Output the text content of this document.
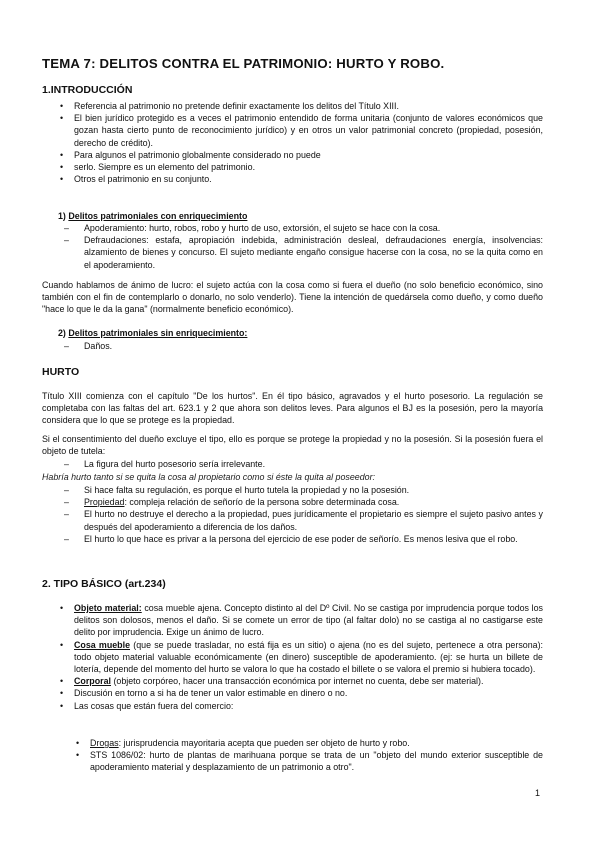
TEMA 7: DELITOS CONTRA EL PATRIMONIO: HURTO Y ROBO.
1.INTRODUCCIÓN
• Referencia al patrimonio no pretende definir exactamente los delitos del Título XIII.
• El bien jurídico protegido es a veces el patrimonio entendido de forma unitaria (conjunto de valores económicos que gozan hasta cierto punto de reconocimiento jurídico) y en otros un valor patrimonial concreto (propiedad, posesión, derecho de crédito).
• Para algunos el patrimonio globalmente considerado no puede
• serlo. Siempre es un elemento del patrimonio.
• Otros el patrimonio en su conjunto.
1) Delitos patrimoniales con enriquecimiento
– Apoderamiento: hurto, robos, robo y hurto de uso, extorsión, el sujeto se hace con la cosa.
– Defraudaciones: estafa, apropiación indebida, administración desleal, defraudaciones energía, insolvencias: alzamiento de bienes y concurso. El sujeto mediante engaño consigue hacerse con la cosa, no se la quita como en el apoderamiento.
Cuando hablamos de ánimo de lucro: el sujeto actúa con la cosa como si fuera el dueño (no solo beneficio económico, sino también con el fin de contemplarlo o donarlo, no solo venderlo). Tiene la intención de quedársela como dueño, y como dueño "hace lo que le da la gana" (normalmente beneficio económico).
2) Delitos patrimoniales sin enriquecimiento:
– Daños.
HURTO
Título XIII comienza con el capítulo "De los hurtos". En él tipo básico, agravados y el hurto posesorio. La regulación se completaba con las faltas del art. 623.1 y 2 que ahora son delitos leves. Para algunos el BJ es la posesión, pero la mayoría considera que lo que se protege es la propiedad.
Si el consentimiento del dueño excluye el tipo, ello es porque se protege la propiedad y no la posesión. Si la posesión fuera el objeto de tutela:
– La figura del hurto posesorio sería irrelevante.
Habría hurto tanto si se quita la cosa al propietario como si éste la quita al poseedor:
– Si hace falta su regulación, es porque el hurto tutela la propiedad y no la posesión.
– Propiedad: compleja relación de señorío de la persona sobre determinada cosa.
– El hurto no destruye el derecho a la propiedad, pues jurídicamente el propietario es siempre el sujeto pasivo antes y después del apoderamiento a diferencia de los daños.
– El hurto lo que hace es privar a la persona del ejercicio de ese poder de señorío. Es menos lesiva que el robo.
2. TIPO BÁSICO (art.234)
• Objeto material: cosa mueble ajena. Concepto distinto al del Dº Civil. No se castiga por imprudencia porque todos los delitos son dolosos, menos el daño. Si se comete un error de tipo (al faltar dolo) no se castiga al no castigarse este delito por imprudencia. Exige un ánimo de lucro.
• Cosa mueble (que se puede trasladar, no está fija es un sitio) o ajena (no es del sujeto, pertenece a otra persona): todo objeto material valuable económicamente (en dinero) susceptible de apoderamiento. (ej: se hurta un billete de lotería, depende del momento del hurto se valora lo que ha costado el billete o se valora el premio si hubiera tocado).
• Corporal (objeto corpóreo, hacer una transacción económica por internet no cuenta, debe ser material).
• Discusión en torno a si ha de tener un valor estimable en dinero o no.
• Las cosas que están fuera del comercio:
• Drogas: jurisprudencia mayoritaria acepta que pueden ser objeto de hurto y robo.
• STS 1086/02: hurto de plantas de marihuana porque se trata de un "objeto del mundo exterior susceptible de apoderamiento material y desplazamiento de un patrimonio a otro".
1
